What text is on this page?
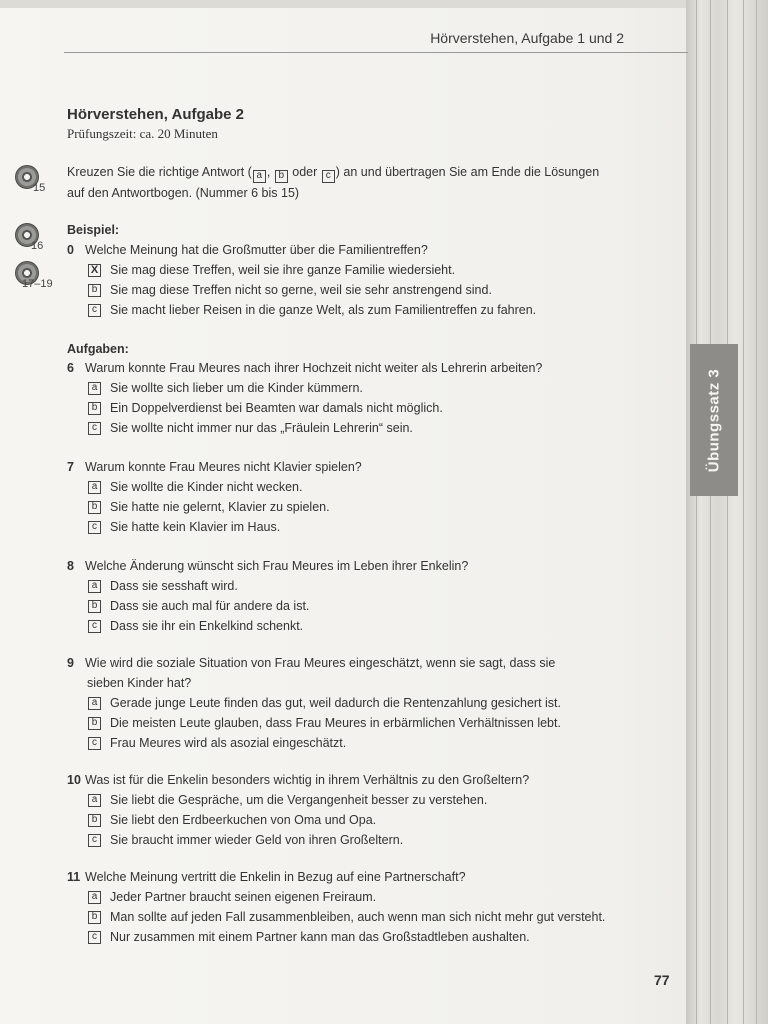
Übungssatz 3
Hörverstehen, Aufgabe 1 und 2
Hörverstehen, Aufgabe 2
Prüfungszeit: ca. 20 Minuten
15
16
17–19
Kreuzen Sie die richtige Antwort ( a , b oder c ) an und übertragen Sie am Ende die Lösungen
auf den Antwortbogen. (Nummer 6 bis 15)
Beispiel:
0 Welche Meinung hat die Großmutter über die Familientreffen?
X Sie mag diese Treffen, weil sie ihre ganze Familie wiedersieht.
b Sie mag diese Treffen nicht so gerne, weil sie sehr anstrengend sind.
c	Sie macht lieber Reisen in die ganze Welt, als zum Familientreffen zu fahren.
Aufgaben:
6 Warum konnte Frau Meures nach ihrer Hochzeit nicht weiter als Lehrerin arbeiten?
a Sie wollte sich lieber um die Kinder kümmern.
b Ein Doppelverdienst bei Beamten war damals nicht möglich.
c	Sie wollte nicht immer nur das „Fräulein Lehrerin“ sein.
7 Warum konnte Frau Meures nicht Klavier spielen?
a Sie wollte die Kinder nicht wecken.
b Sie hatte nie gelernt, Klavier zu spielen.
c	Sie hatte kein Klavier im Haus.
8 Welche Änderung wünscht sich Frau Meures im Leben ihrer Enkelin?
a Dass sie sesshaft wird.
b Dass sie auch mal für andere da ist.
c	Dass sie ihr ein Enkelkind schenkt.
9 Wie wird die soziale Situation von Frau Meures eingeschätzt, wenn sie sagt, dass sie
sieben Kinder hat?
a Gerade junge Leute finden das gut, weil dadurch die Rentenzahlung gesichert ist.
b Die meisten Leute glauben, dass Frau Meures in erbärmlichen Verhältnissen lebt.
c	Frau Meures wird als asozial eingeschätzt.
10 Was ist für die Enkelin besonders wichtig in ihrem Verhältnis zu den Großeltern?
a Sie liebt die Gespräche, um die Vergangenheit besser zu verstehen.
b Sie liebt den Erdbeerkuchen von Oma und Opa.
c	Sie braucht immer wieder Geld von ihren Großeltern.
11 Welche Meinung vertritt die Enkelin in Bezug auf eine Partnerschaft?
a Jeder Partner braucht seinen eigenen Freiraum.
b Man sollte auf jeden Fall zusammenbleiben, auch wenn man sich nicht mehr gut versteht.
c	Nur zusammen mit einem Partner kann man das Großstadtleben aushalten.
77
